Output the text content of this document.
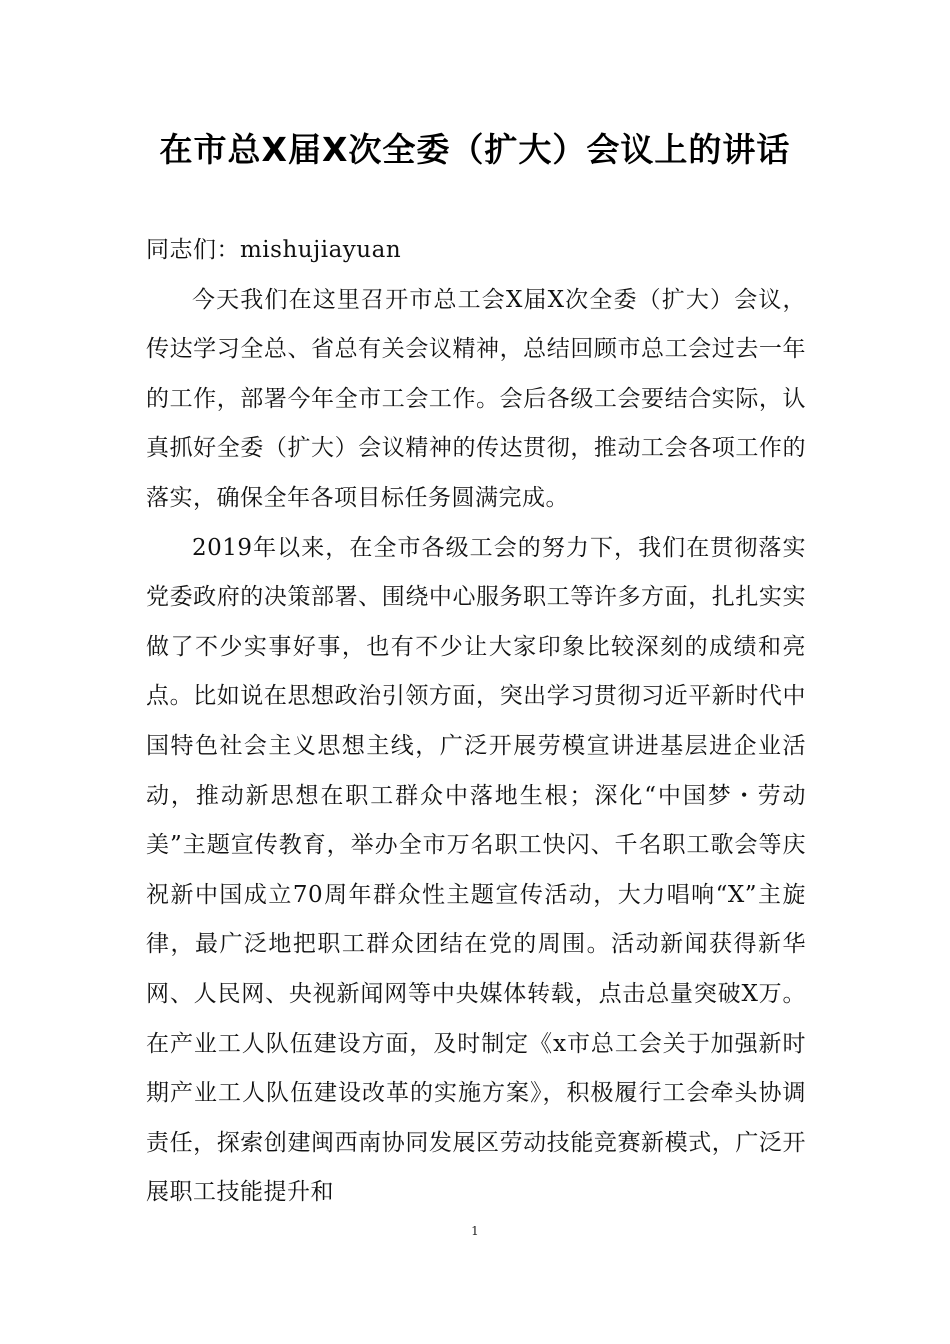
在市总X届X次全委（扩大）会议上的讲话

同志们：mishujiayuan

今天我们在这里召开市总工会X届X次全委（扩大）会议，传达学习全总、省总有关会议精神，总结回顾市总工会过去一年的工作，部署今年全市工会工作。会后各级工会要结合实际，认真抓好全委（扩大）会议精神的传达贯彻，推动工会各项工作的落实，确保全年各项目标任务圆满完成。

2019年以来，在全市各级工会的努力下，我们在贯彻落实党委政府的决策部署、围绕中心服务职工等许多方面，扎扎实实做了不少实事好事，也有不少让大家印象比较深刻的成绩和亮点。比如说在思想政治引领方面，突出学习贯彻习近平新时代中国特色社会主义思想主线，广泛开展劳模宣讲进基层进企业活动，推动新思想在职工群众中落地生根；深化“中国梦・劳动美”主题宣传教育，举办全市万名职工快闪、千名职工歌会等庆祝新中国成立70周年群众性主题宣传活动，大力唱响“X”主旋律，最广泛地把职工群众团结在党的周围。活动新闻获得新华网、人民网、央视新闻网等中央媒体转载，点击总量突破X万。在产业工人队伍建设方面，及时制定《x市总工会关于加强新时期产业工人队伍建设改革的实施方案》，积极履行工会牵头协调责任，探索创建闽西南协同发展区劳动技能竞赛新模式，广泛开展职工技能提升和

1
